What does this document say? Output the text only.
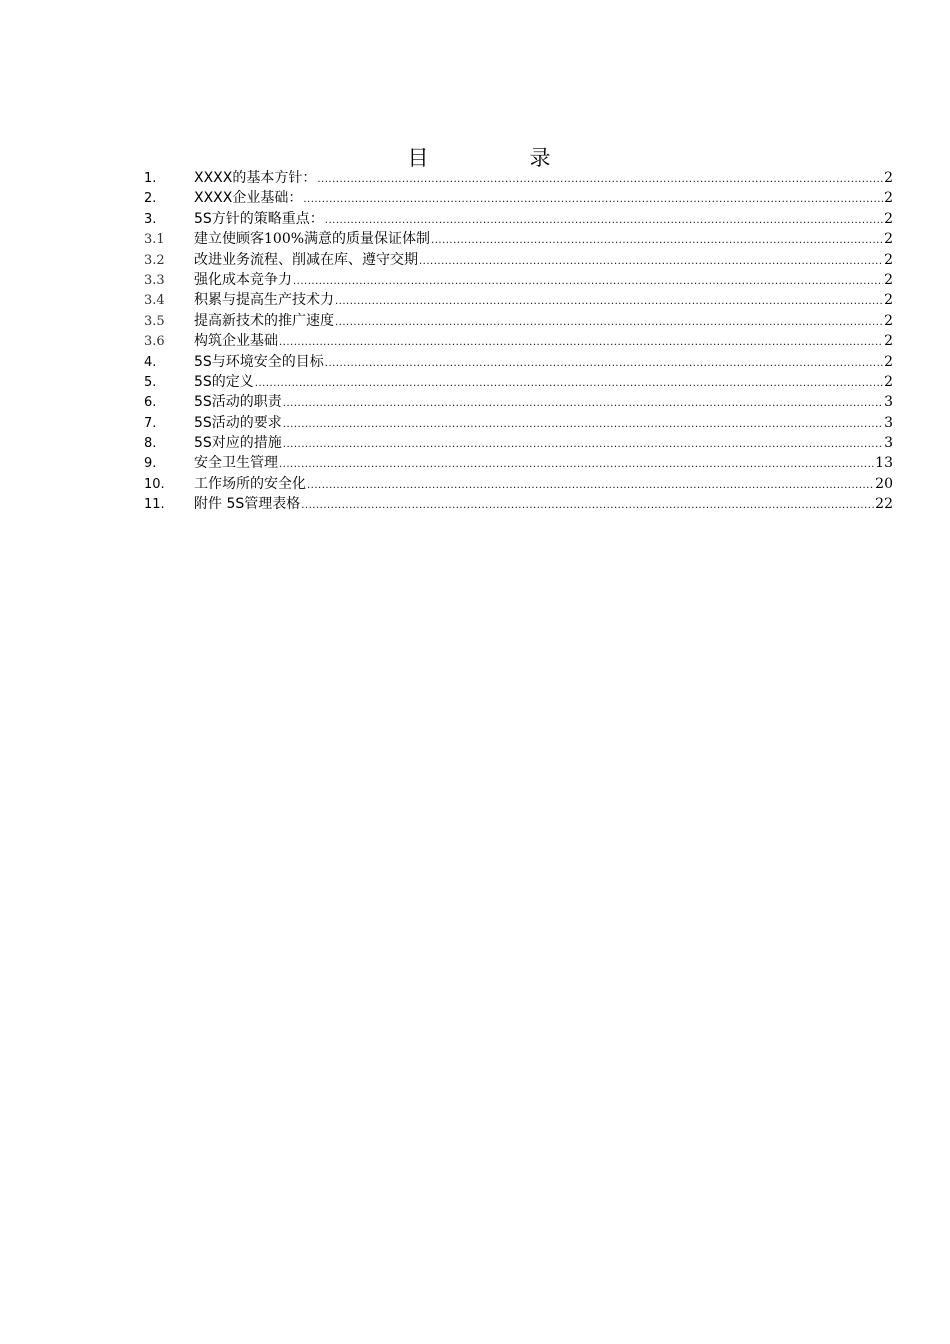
目　录
1.	XXXX的基本方针： .....	2
2.	XXXX企业基础： .....	2
3.	5S方针的策略重点： .....	2
3.1	建立使顾客100%满意的质量保证体制 .....	2
3.2	改进业务流程、削减在库、遵守交期 .....	2
3.3	强化成本竞争力 .....	2
3.4	积累与提高生产技术力 .....	2
3.5	提高新技术的推广速度 .....	2
3.6	构筑企业基础 .....	2
4.	5S与环境安全的目标 .....	2
5.	5S的定义 .....	2
6.	5S活动的职责 .....	3
7.	5S活动的要求 .....	3
8.	5S对应的措施 .....	3
9.	安全卫生管理 .....	13
10.	工作场所的安全化 .....	20
11.	附件 5S管理表格 .....	22
